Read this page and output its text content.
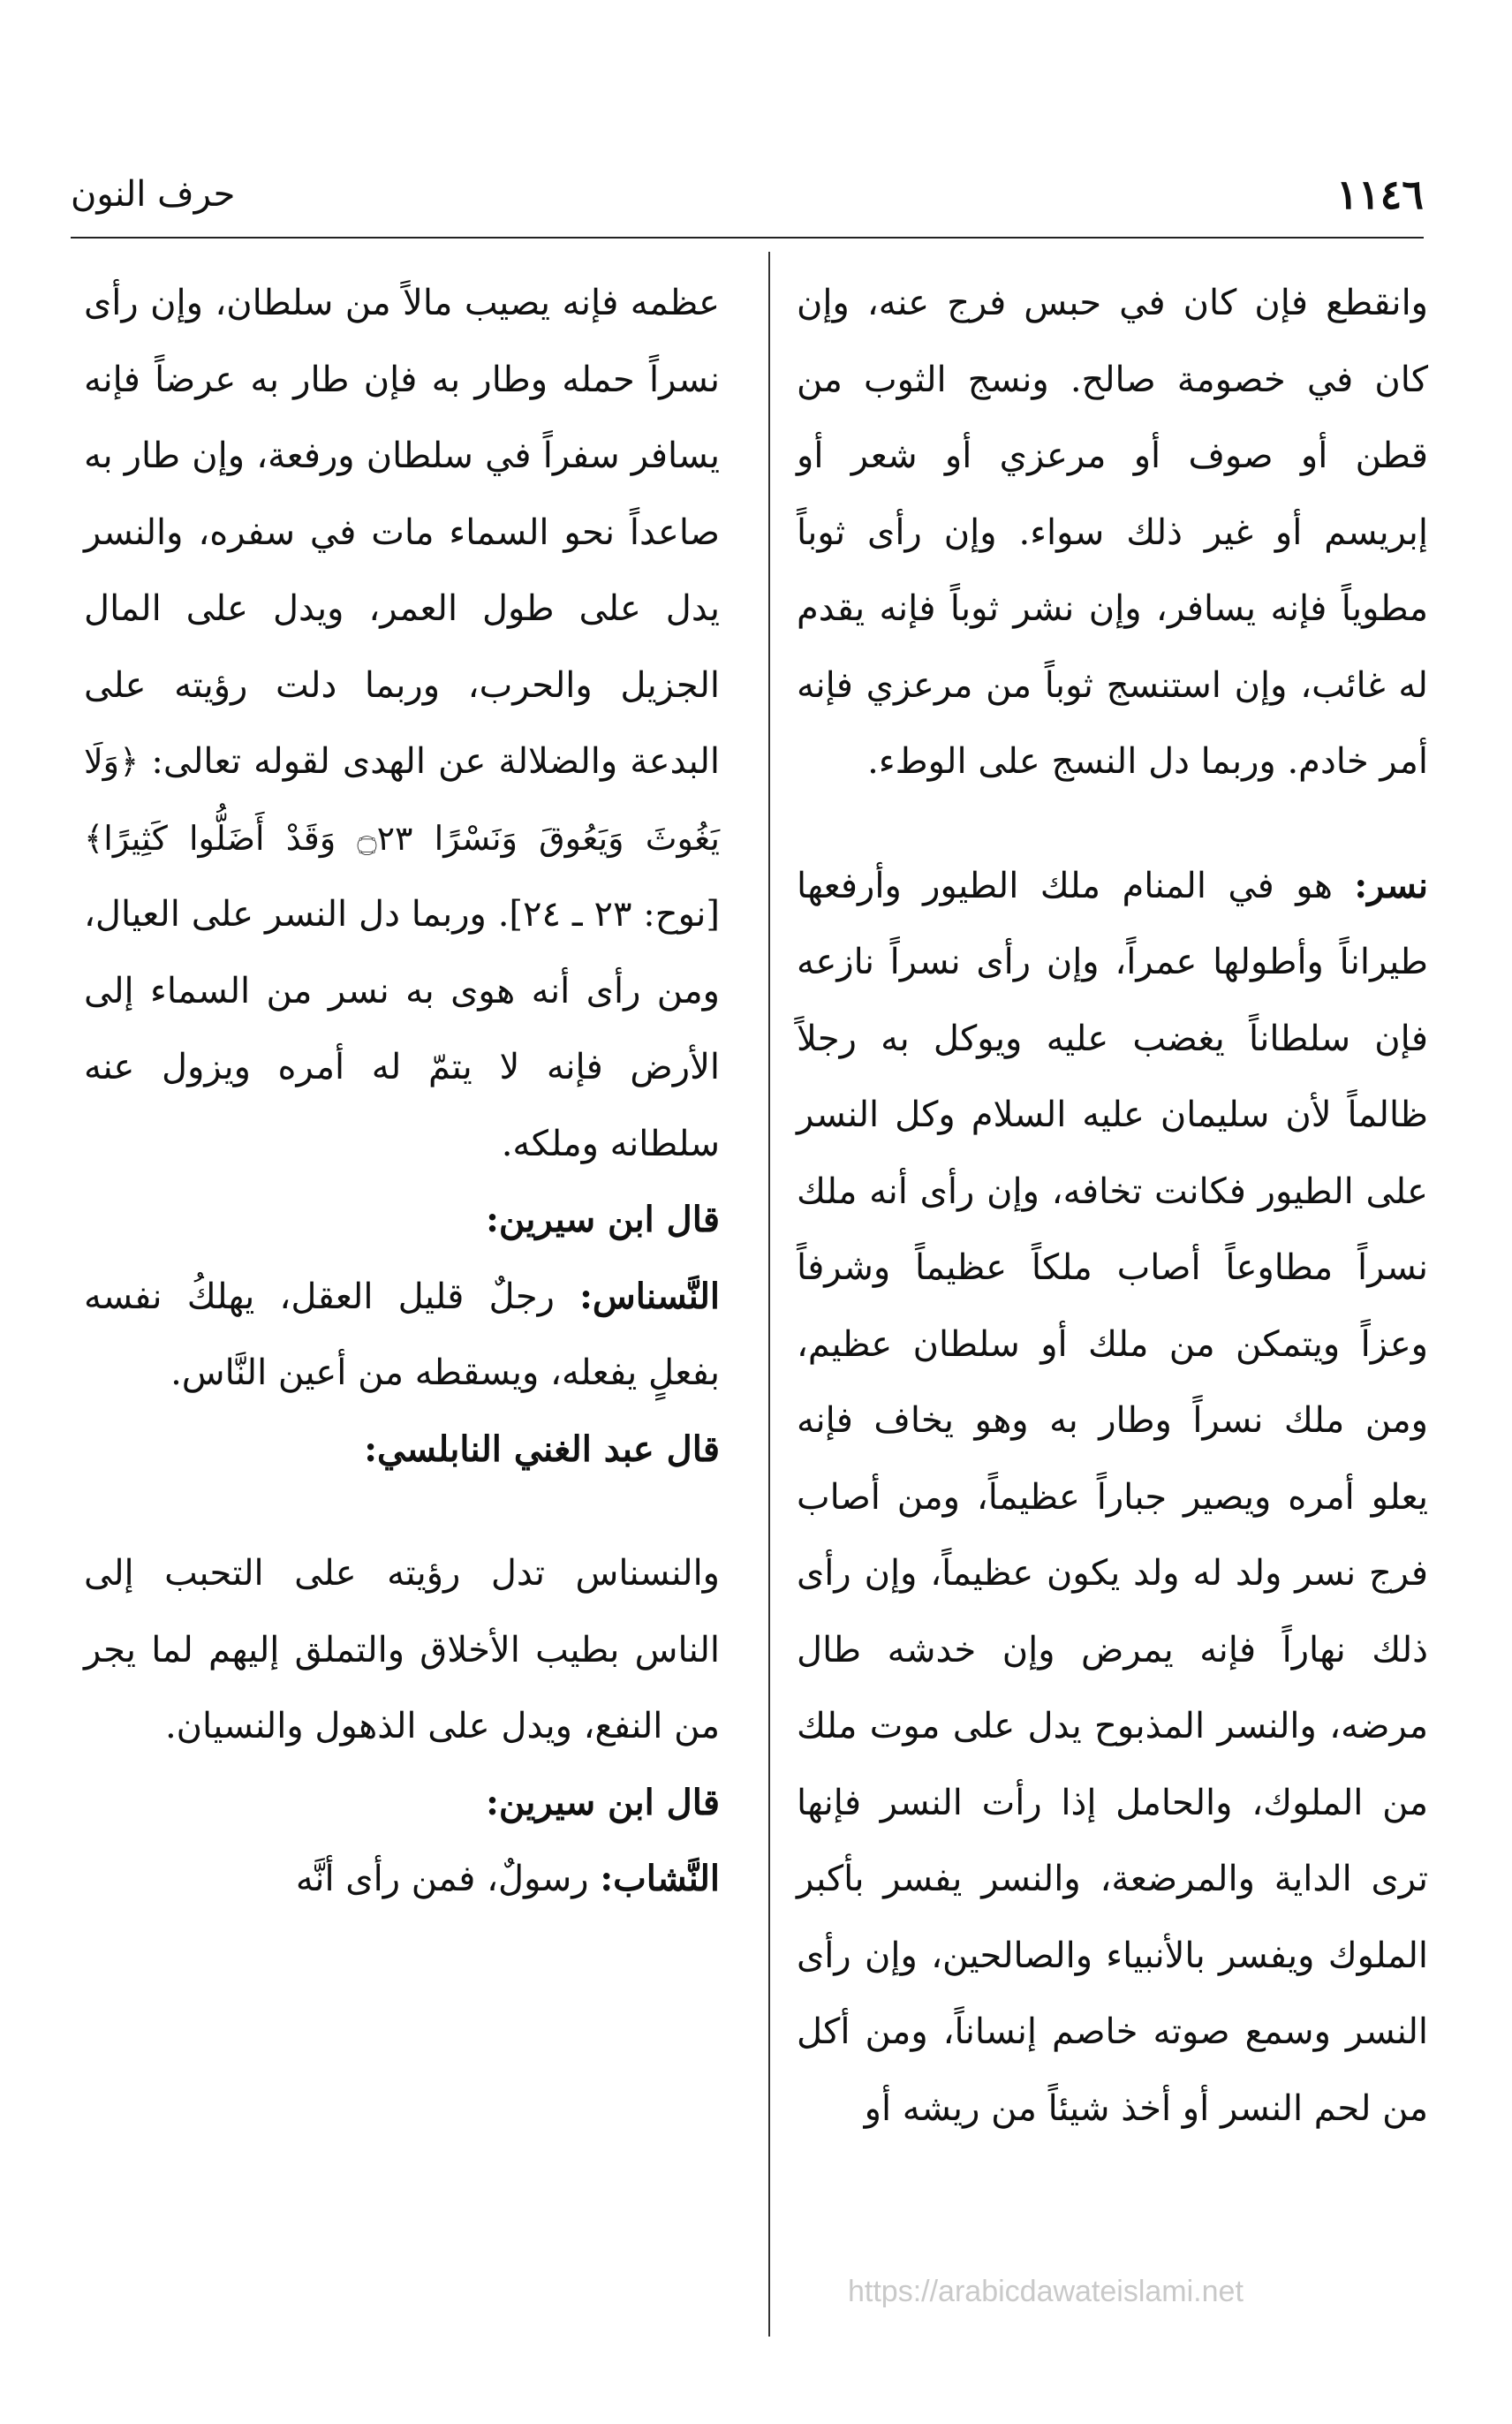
١١٤٦
حرف النون

وانقطع فإن كان في حبس فرج عنه، وإن كان في خصومة صالح. ونسج الثوب من قطن أو صوف أو مرعزي أو شعر أو إبريسم أو غير ذلك سواء. وإن رأى ثوباً مطوياً فإنه يسافر، وإن نشر ثوباً فإنه يقدم له غائب، وإن استنسج ثوباً من مرعزي فإنه أمر خادم. وربما دل النسج على الوطء.

نسر: هو في المنام ملك الطيور وأرفعها طيراناً وأطولها عمراً، وإن رأى نسراً نازعه فإن سلطاناً يغضب عليه ويوكل به رجلاً ظالماً لأن سليمان عليه السلام وكل النسر على الطيور فكانت تخافه، وإن رأى أنه ملك نسراً مطاوعاً أصاب ملكاً عظيماً وشرفاً وعزاً ويتمكن من ملك أو سلطان عظيم، ومن ملك نسراً وطار به وهو يخاف فإنه يعلو أمره ويصير جباراً عظيماً، ومن أصاب فرج نسر ولد له ولد يكون عظيماً، وإن رأى ذلك نهاراً فإنه يمرض وإن خدشه طال مرضه، والنسر المذبوح يدل على موت ملك من الملوك، والحامل إذا رأت النسر فإنها ترى الداية والمرضعة، والنسر يفسر بأكبر الملوك ويفسر بالأنبياء والصالحين، وإن رأى النسر وسمع صوته خاصم إنساناً، ومن أكل من لحم النسر أو أخذ شيئاً من ريشه أو

عظمه فإنه يصيب مالاً من سلطان، وإن رأى نسراً حمله وطار به فإن طار به عرضاً فإنه يسافر سفراً في سلطان ورفعة، وإن طار به صاعداً نحو السماء مات في سفره، والنسر يدل على طول العمر، ويدل على المال الجزيل والحرب، وربما دلت رؤيته على البدعة والضلالة عن الهدى لقوله تعالى: ﴿وَلَا يَغُوثَ وَيَعُوقَ وَنَسْرًا ۝٢٣ وَقَدْ أَضَلُّوا كَثِيرًا﴾ [نوح: ٢٣ ـ ٢٤]. وربما دل النسر على العيال، ومن رأى أنه هوى به نسر من السماء إلى الأرض فإنه لا يتمّ له أمره ويزول عنه سلطانه وملكه.

قال ابن سيرين:

النَّسناس: رجلٌ قليل العقل، يهلكُ نفسه بفعلٍ يفعله، ويسقطه من أعين النَّاس.

قال عبد الغني النابلسي:

والنسناس تدل رؤيته على التحبب إلى الناس بطيب الأخلاق والتملق إليهم لما يجر من النفع، ويدل على الذهول والنسيان.

قال ابن سيرين:

النَّشاب: رسولٌ، فمن رأى أنَّه

https://arabicdawateislami.net
